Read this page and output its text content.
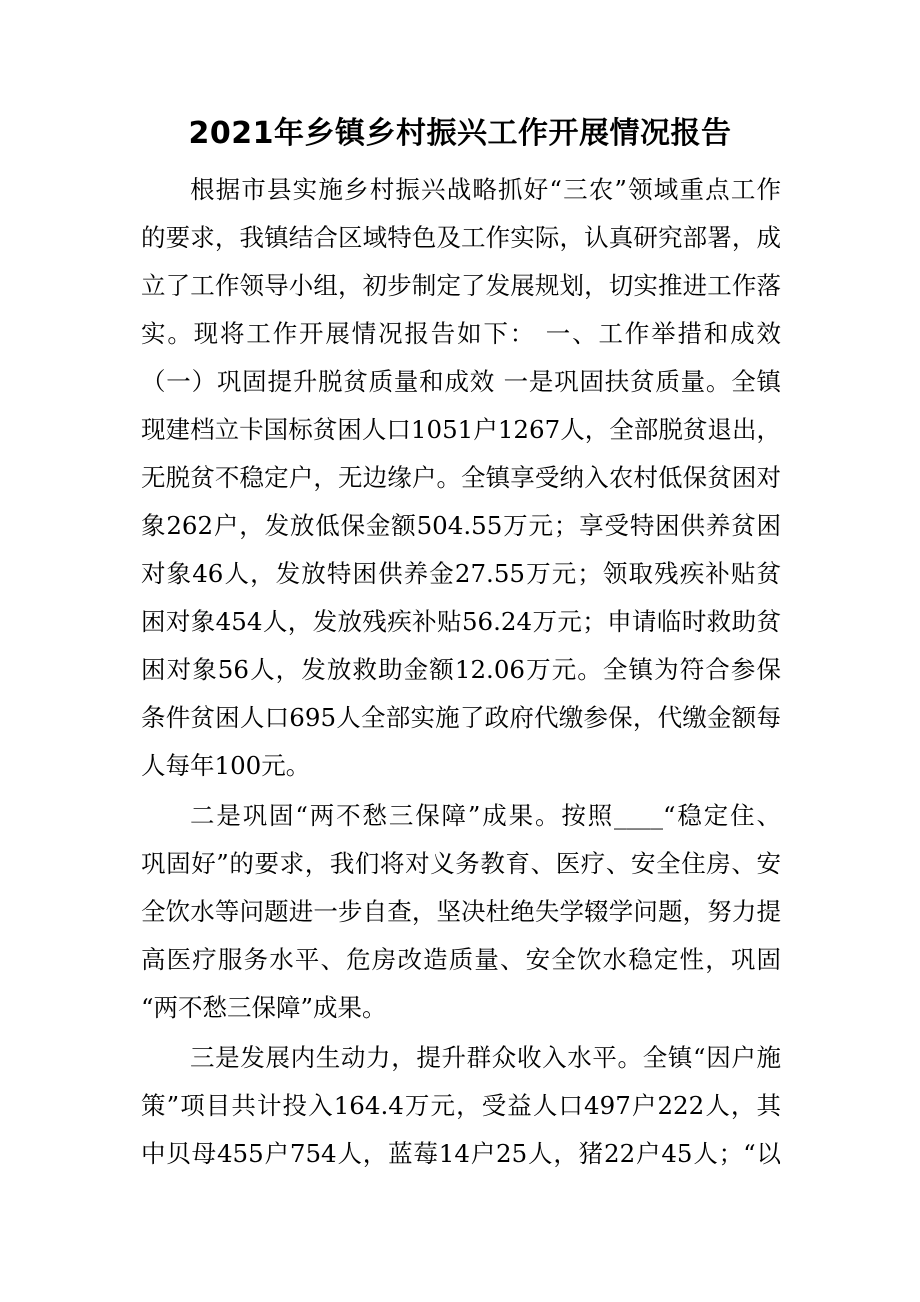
2021年乡镇乡村振兴工作开展情况报告

根据市县实施乡村振兴战略抓好“三农”领域重点工作

的要求，我镇结合区域特色及工作实际，认真研究部署，成

立了工作领导小组，初步制定了发展规划，切实推进工作落

实。现将工作开展情况报告如下： 一、工作举措和成效

（一）巩固提升脱贫质量和成效 一是巩固扶贫质量。全镇

现建档立卡国标贫困人口1051户1267人，全部脱贫退出，

无脱贫不稳定户，无边缘户。全镇享受纳入农村低保贫困对

象262户，发放低保金额504.55万元；享受特困供养贫困

对象46人，发放特困供养金27.55万元；领取残疾补贴贫

困对象454人，发放残疾补贴56.24万元；申请临时救助贫

困对象56人，发放救助金额12.06万元。全镇为符合参保

条件贫困人口695人全部实施了政府代缴参保，代缴金额每

人每年100元。

二是巩固“两不愁三保障”成果。按照____“稳定住、

巩固好”的要求，我们将对义务教育、医疗、安全住房、安

全饮水等问题进一步自查，坚决杜绝失学辍学问题，努力提

高医疗服务水平、危房改造质量、安全饮水稳定性，巩固

“两不愁三保障”成果。

三是发展内生动力，提升群众收入水平。全镇“因户施

策”项目共计投入164.4万元，受益人口497户222人，其

中贝母455户754人，蓝莓14户25人，猪22户45人；“以
